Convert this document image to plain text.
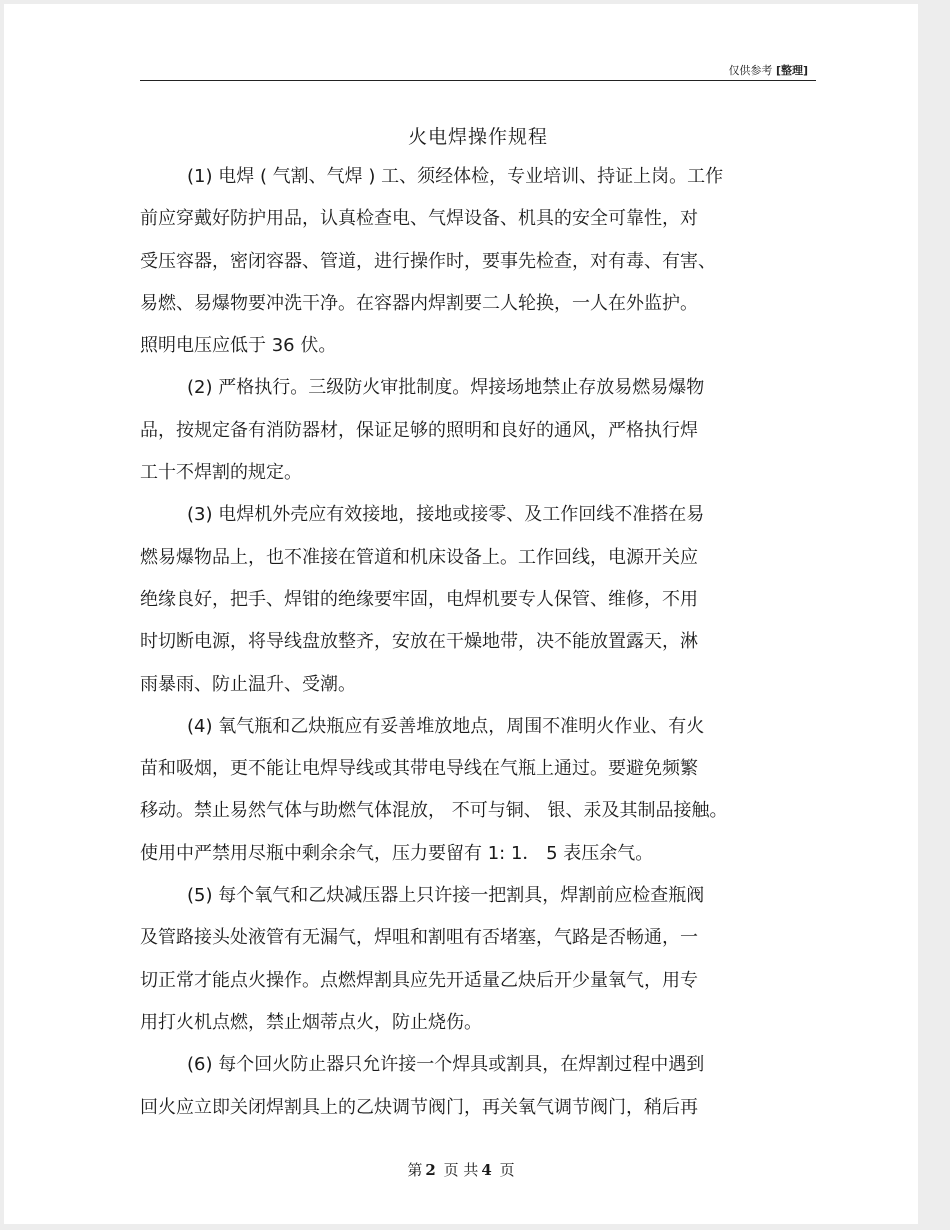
仅供参考 [整理]
火电焊操作规程
(1) 电焊 ( 气割、气焊 ) 工、须经体检，专业培训、持证上岗。工作
前应穿戴好防护用品，认真检查电、气焊设备、机具的安全可靠性，对
受压容器，密闭容器、管道，进行操作时，要事先检查，对有毒、有害、
易燃、易爆物要冲洗干净。在容器内焊割要二人轮换，一人在外监护。
照明电压应低于 36 伏。
(2) 严格执行。三级防火审批制度。焊接场地禁止存放易燃易爆物
品，按规定备有消防器材，保证足够的照明和良好的通风，严格执行焊
工十不焊割的规定。
(3) 电焊机外壳应有效接地，接地或接零、及工作回线不准搭在易
燃易爆物品上，也不准接在管道和机床设备上。工作回线，电源开关应
绝缘良好，把手、焊钳的绝缘要牢固，电焊机要专人保管、维修，不用
时切断电源，将导线盘放整齐，安放在干燥地带，决不能放置露天，淋
雨暴雨、防止温升、受潮。
(4) 氧气瓶和乙炔瓶应有妥善堆放地点，周围不准明火作业、有火
苗和吸烟，更不能让电焊导线或其带电导线在气瓶上通过。要避免频繁
移动。禁止易然气体与助燃气体混放， 不可与铜、 银、汞及其制品接触。
使用中严禁用尽瓶中剩余余气，压力要留有 1: 1． 5 表压余气。
(5) 每个氧气和乙炔减压器上只许接一把割具，焊割前应检查瓶阀
及管路接头处液管有无漏气，焊咀和割咀有否堵塞，气路是否畅通，一
切正常才能点火操作。点燃焊割具应先开适量乙炔后开少量氧气，用专
用打火机点燃，禁止烟蒂点火，防止烧伤。
(6) 每个回火防止器只允许接一个焊具或割具，在焊割过程中遇到
回火应立即关闭焊割具上的乙炔调节阀门，再关氧气调节阀门，稍后再
第 2 页 共 4 页
